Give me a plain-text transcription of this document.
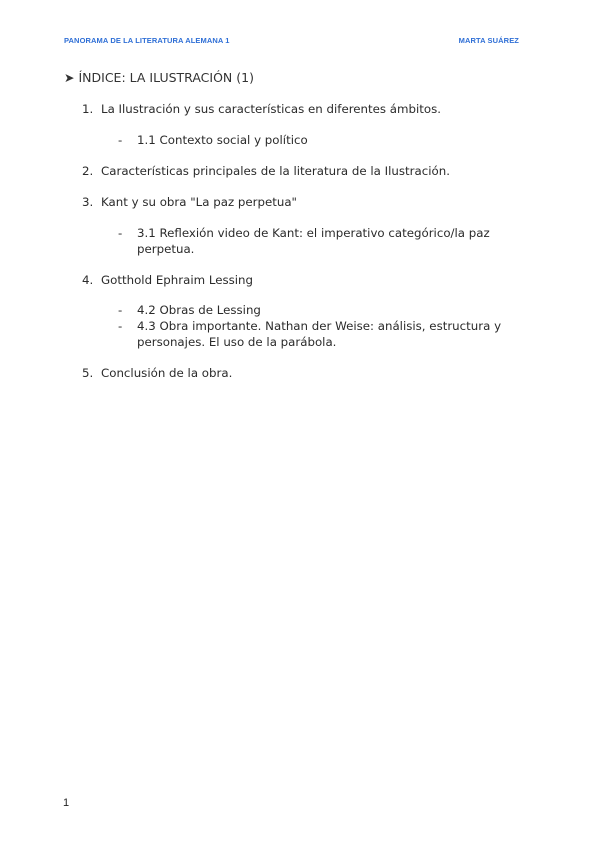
PANORAMA DE LA LITERATURA ALEMANA 1	MARTA SUÁREZ
➤ ÍNDICE: LA ILUSTRACIÓN (1)
1. La Ilustración y sus características en diferentes ámbitos.
- 1.1 Contexto social y político
2. Características principales de la literatura de la Ilustración.
3. Kant y su obra "La paz perpetua"
- 3.1 Reflexión video de Kant: el imperativo categórico/la paz perpetua.
4. Gotthold Ephraim Lessing
- 4.2 Obras de Lessing
- 4.3 Obra importante. Nathan der Weise: análisis, estructura y personajes. El uso de la parábola.
5. Conclusión de la obra.
1
